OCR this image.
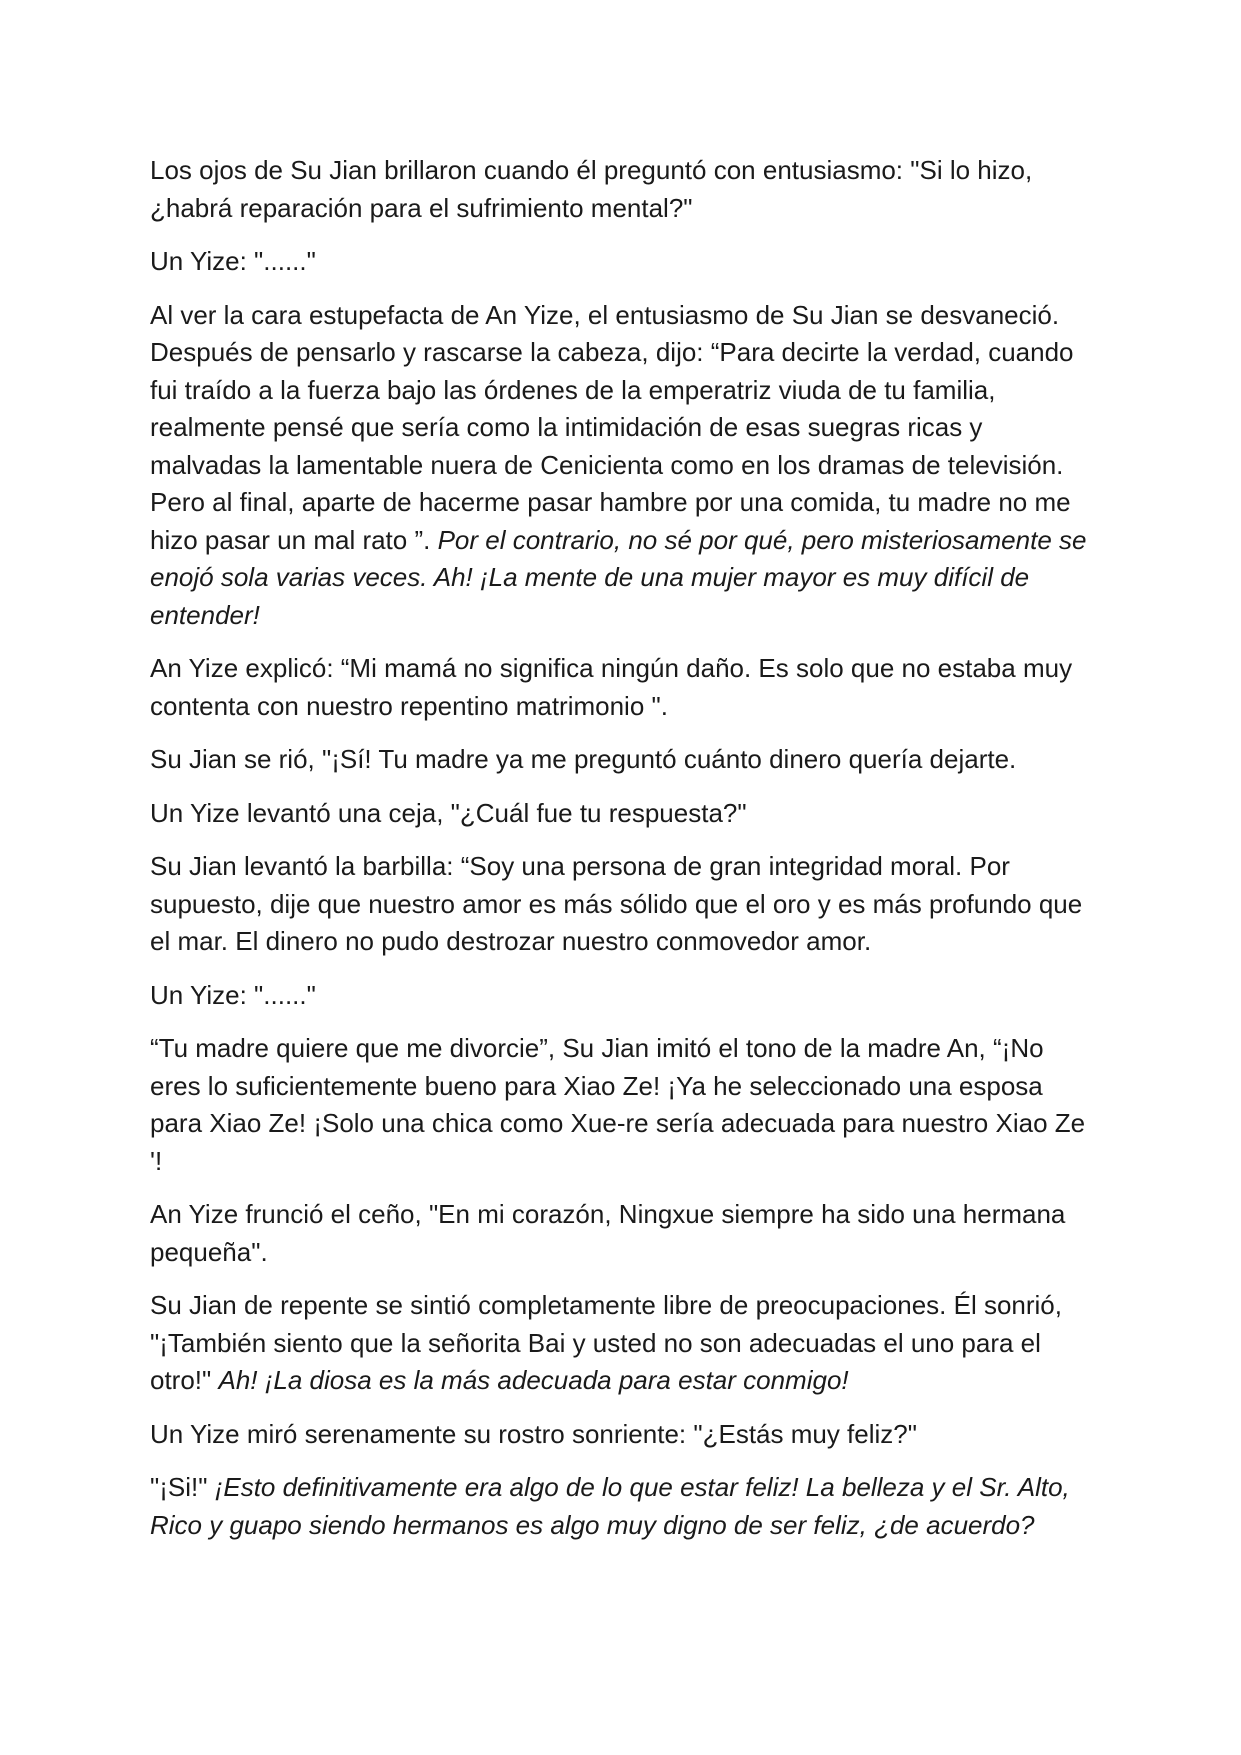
Los ojos de Su Jian brillaron cuando él preguntó con entusiasmo: "Si lo hizo, ¿habrá reparación para el sufrimiento mental?"

Un Yize: "......"

Al ver la cara estupefacta de An Yize, el entusiasmo de Su Jian se desvaneció. Después de pensarlo y rascarse la cabeza, dijo: “Para decirte la verdad, cuando fui traído a la fuerza bajo las órdenes de la emperatriz viuda de tu familia, realmente pensé que sería como la intimidación de esas suegras ricas y malvadas la lamentable nuera de Cenicienta como en los dramas de televisión. Pero al final, aparte de hacerme pasar hambre por una comida, tu madre no me hizo pasar un mal rato ”. Por el contrario, no sé por qué, pero misteriosamente se enojó sola varias veces. Ah! ¡La mente de una mujer mayor es muy difícil de entender!

An Yize explicó: “Mi mamá no significa ningún daño. Es solo que no estaba muy contenta con nuestro repentino matrimonio ".

Su Jian se rió, "¡Sí! Tu madre ya me preguntó cuánto dinero quería dejarte.

Un Yize levantó una ceja, "¿Cuál fue tu respuesta?"

Su Jian levantó la barbilla: “Soy una persona de gran integridad moral. Por supuesto, dije que nuestro amor es más sólido que el oro y es más profundo que el mar. El dinero no pudo destrozar nuestro conmovedor amor.

Un Yize: "......"

“Tu madre quiere que me divorcie”, Su Jian imitó el tono de la madre An, “¡No eres lo suficientemente bueno para Xiao Ze! ¡Ya he seleccionado una esposa para Xiao Ze! ¡Solo una chica como Xue-re sería adecuada para nuestro Xiao Ze '!

An Yize frunció el ceño, "En mi corazón, Ningxue siempre ha sido una hermana pequeña".

Su Jian de repente se sintió completamente libre de preocupaciones. Él sonrió, "¡También siento que la señorita Bai y usted no son adecuadas el uno para el otro!" Ah! ¡La diosa es la más adecuada para estar conmigo!

Un Yize miró serenamente su rostro sonriente: "¿Estás muy feliz?"

"¡Si!" ¡Esto definitivamente era algo de lo que estar feliz! La belleza y el Sr. Alto, Rico y guapo siendo hermanos es algo muy digno de ser feliz, ¿de acuerdo?
